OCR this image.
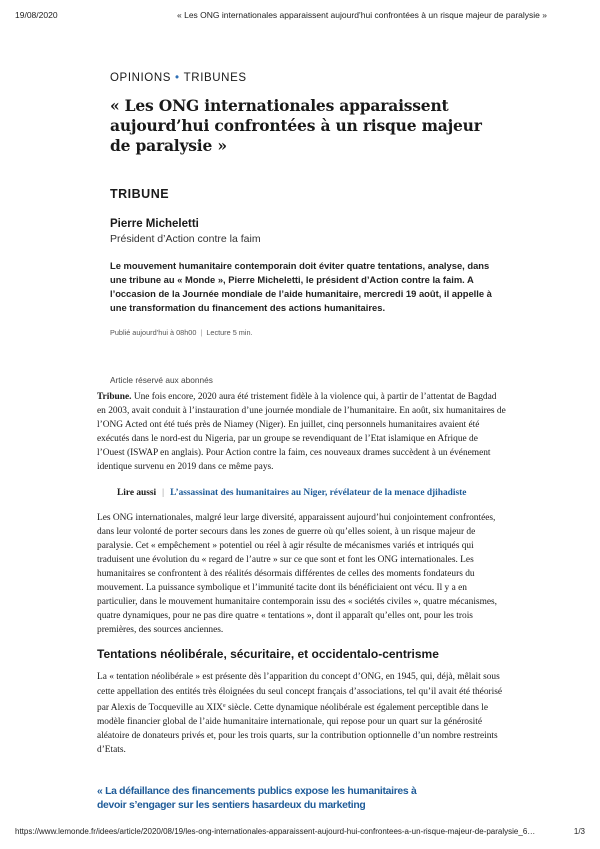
19/08/2020	« Les ONG internationales apparaissent aujourd’hui confrontées à un risque majeur de paralysie »
OPINIONS • TRIBUNES
« Les ONG internationales apparaissent aujourd’hui confrontées à un risque majeur de paralysie »
TRIBUNE
Pierre Micheletti
Président d’Action contre la faim

Le mouvement humanitaire contemporain doit éviter quatre tentations, analyse, dans une tribune au « Monde », Pierre Micheletti, le président d’Action contre la faim. A l’occasion de la Journée mondiale de l’aide humanitaire, mercredi 19 août, il appelle à une transformation du financement des actions humanitaires.

Publié aujourd’hui à 08h00 | Lecture 5 min.
Article réservé aux abonnés

Tribune. Une fois encore, 2020 aura été tristement fidèle à la violence qui, à partir de l’attentat de Bagdad en 2003, avait conduit à l’instauration d’une journée mondiale de l’humanitaire. En août, six humanitaires de l’ONG Acted ont été tués près de Niamey (Niger). En juillet, cinq personnels humanitaires avaient été exécutés dans le nord-est du Nigeria, par un groupe se revendiquant de l’Etat islamique en Afrique de l’Ouest (ISWAP en anglais). Pour Action contre la faim, ces nouveaux drames succèdent à un événement identique survenu en 2019 dans ce même pays.

Lire aussi | L’assassinat des humanitaires au Niger, révélateur de la menace djihadiste

Les ONG internationales, malgré leur large diversité, apparaissent aujourd’hui conjointement confrontées, dans leur volonté de porter secours dans les zones de guerre où qu’elles soient, à un risque majeur de paralysie. Cet « empêchement » potentiel ou réel à agir résulte de mécanismes variés et intriqués qui traduisent une évolution du « regard de l’autre » sur ce que sont et font les ONG internationales. Les humanitaires se confrontent à des réalités désormais différentes de celles des moments fondateurs du mouvement. La puissance symbolique et l’immunité tacite dont ils bénéficiaient ont vécu. Il y a en particulier, dans le mouvement humanitaire contemporain issu des « sociétés civiles », quatre mécanismes, quatre dynamiques, pour ne pas dire quatre « tentations », dont il apparaît qu’elles ont, pour les trois premières, des sources anciennes.

Tentations néolibérale, sécuritaire, et occidentalo-centrisme

La « tentation néolibérale » est présente dès l’apparition du concept d’ONG, en 1945, qui, déjà, mêlait sous cette appellation des entités très éloignées du seul concept français d’associations, tel qu’il avait été théorisé par Alexis de Tocqueville au XIXe siècle. Cette dynamique néolibérale est également perceptible dans le modèle financier global de l’aide humanitaire internationale, qui repose pour un quart sur la générosité aléatoire de donateurs privés et, pour les trois quarts, sur la contribution optionnelle d’un nombre restreints d’Etats.

« La défaillance des financements publics expose les humanitaires à devoir s’engager sur les sentiers hasardeux du marketing
https://www.lemonde.fr/idees/article/2020/08/19/les-ong-internationales-apparaissent-aujourd-hui-confrontees-a-un-risque-majeur-de-paralysie_6…	1/3
